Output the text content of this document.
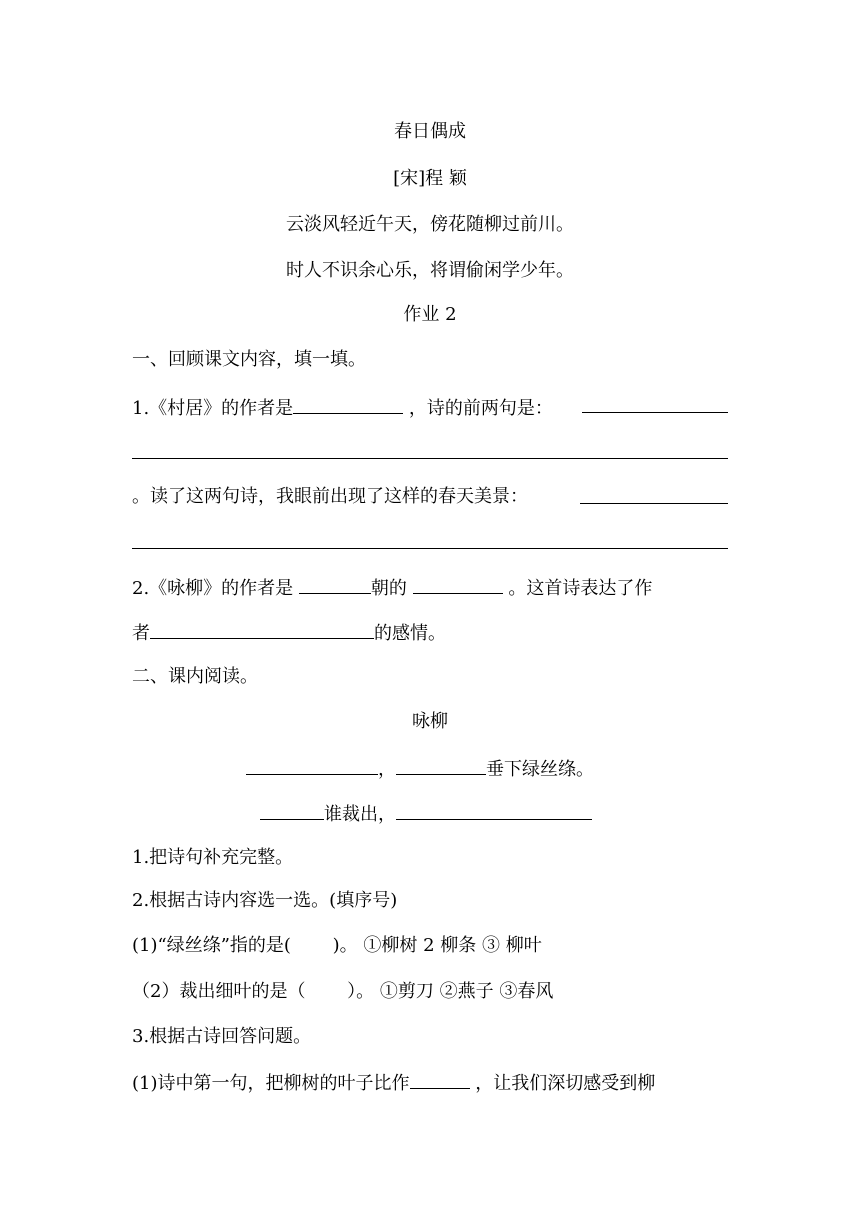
春日偶成
[宋]程 颖
云淡风轻近午天，傍花随柳过前川。
时人不识余心乐，将谓偷闲学少年。
作业 2
一、回顾课文内容，填一填。
1.《村居》的作者是	，诗的前两句是：
。读了这两句诗，我眼前出现了这样的春天美景：
2.《咏柳》的作者是	朝的	。这首诗表达了作
者	的感情。
二、课内阅读。
咏柳
，	垂下绿丝绦。
谁裁出，
1.把诗句补充完整。
2.根据古诗内容选一选。(填序号)
(1)“绿丝绦”指的是(　　 )。 ①柳树 2 柳条 ③ 柳叶
（2）裁出细叶的是（　　 ）。 ①剪刀 ②燕子 ③春风
3.根据古诗回答问题。
(1)诗中第一句，把柳树的叶子比作	，让我们深切感受到柳
